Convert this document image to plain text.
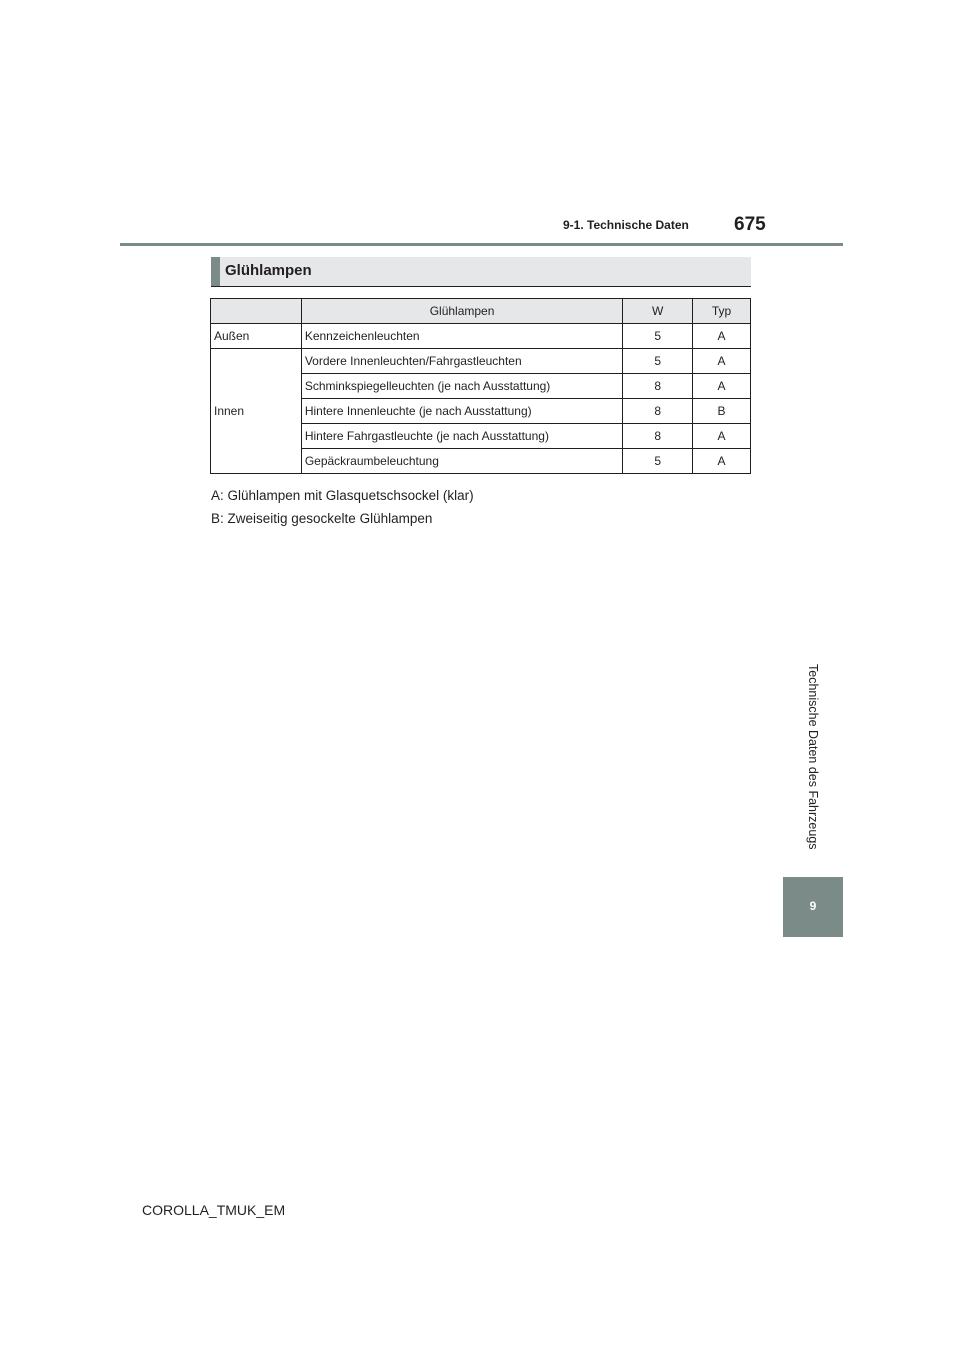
9-1. Technische Daten 675
Glühlampen
	Glühlampen	W	Typ
Außen	Kennzeichenleuchten	5	A
Innen	Vordere Innenleuchten/Fahrgastleuchten	5	A
	Schminkspiegelleuchten (je nach Ausstattung)	8	A
	Hintere Innenleuchte (je nach Ausstattung)	8	B
	Hintere Fahrgastleuchte (je nach Ausstattung)	8	A
	Gepäckraumbeleuchtung	5	A
A: Glühlampen mit Glasquetschsockel (klar)
B: Zweiseitig gesockelte Glühlampen
Technische Daten des Fahrzeugs
9
COROLLA_TMUK_EM
